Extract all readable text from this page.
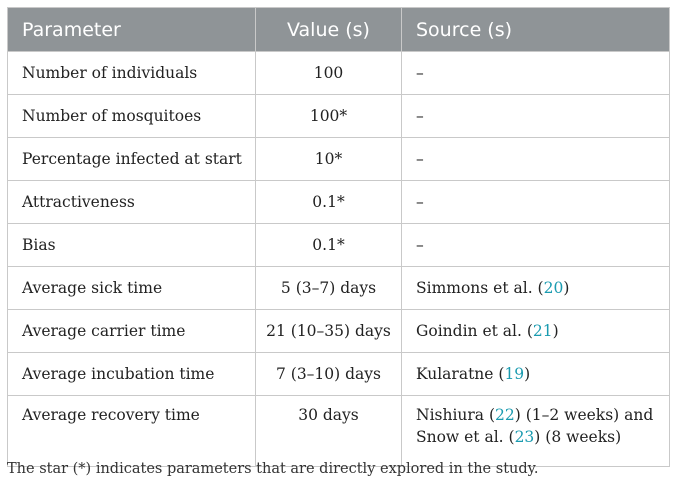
Parameter	Value (s)	Source (s)
Number of individuals	100	–
Number of mosquitoes	100*	–
Percentage infected at start	10*	–
Attractiveness	0.1*	–
Bias	0.1*	–
Average sick time	5 (3–7) days	Simmons et al. (20)
Average carrier time	21 (10–35) days	Goindin et al. (21)
Average incubation time	7 (3–10) days	Kularatne (19)
Average recovery time	30 days	Nishiura (22) (1–2 weeks) and
Snow et al. (23) (8 weeks)
The star (*) indicates parameters that are directly explored in the study.
